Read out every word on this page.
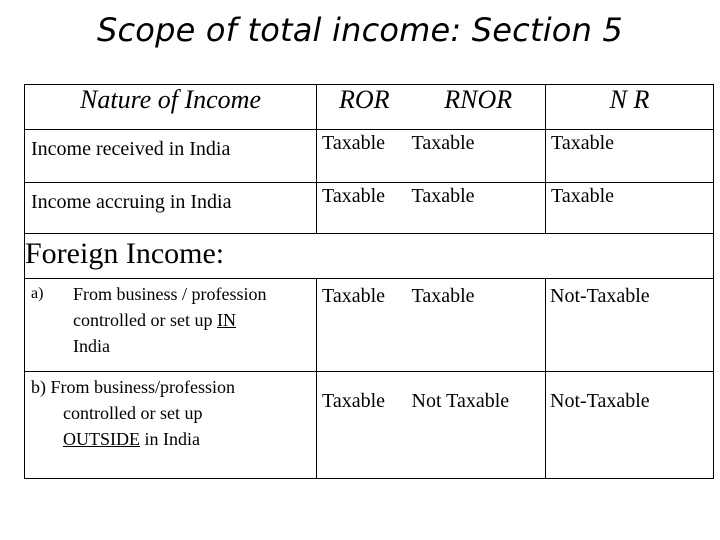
Scope of total income: Section 5
Nature of Income	ROR	RNOR	N R
Income received in India	Taxable	Taxable	Taxable
Income accruing in India	Taxable	Taxable	Taxable
Foreign Income:			

a) From business / profession
controlled or set up IN
India	Taxable	Taxable	Not-Taxable

b) From business/profession
controlled or set up
OUTSIDE in India	Taxable	Not Taxable	Not-Taxable
